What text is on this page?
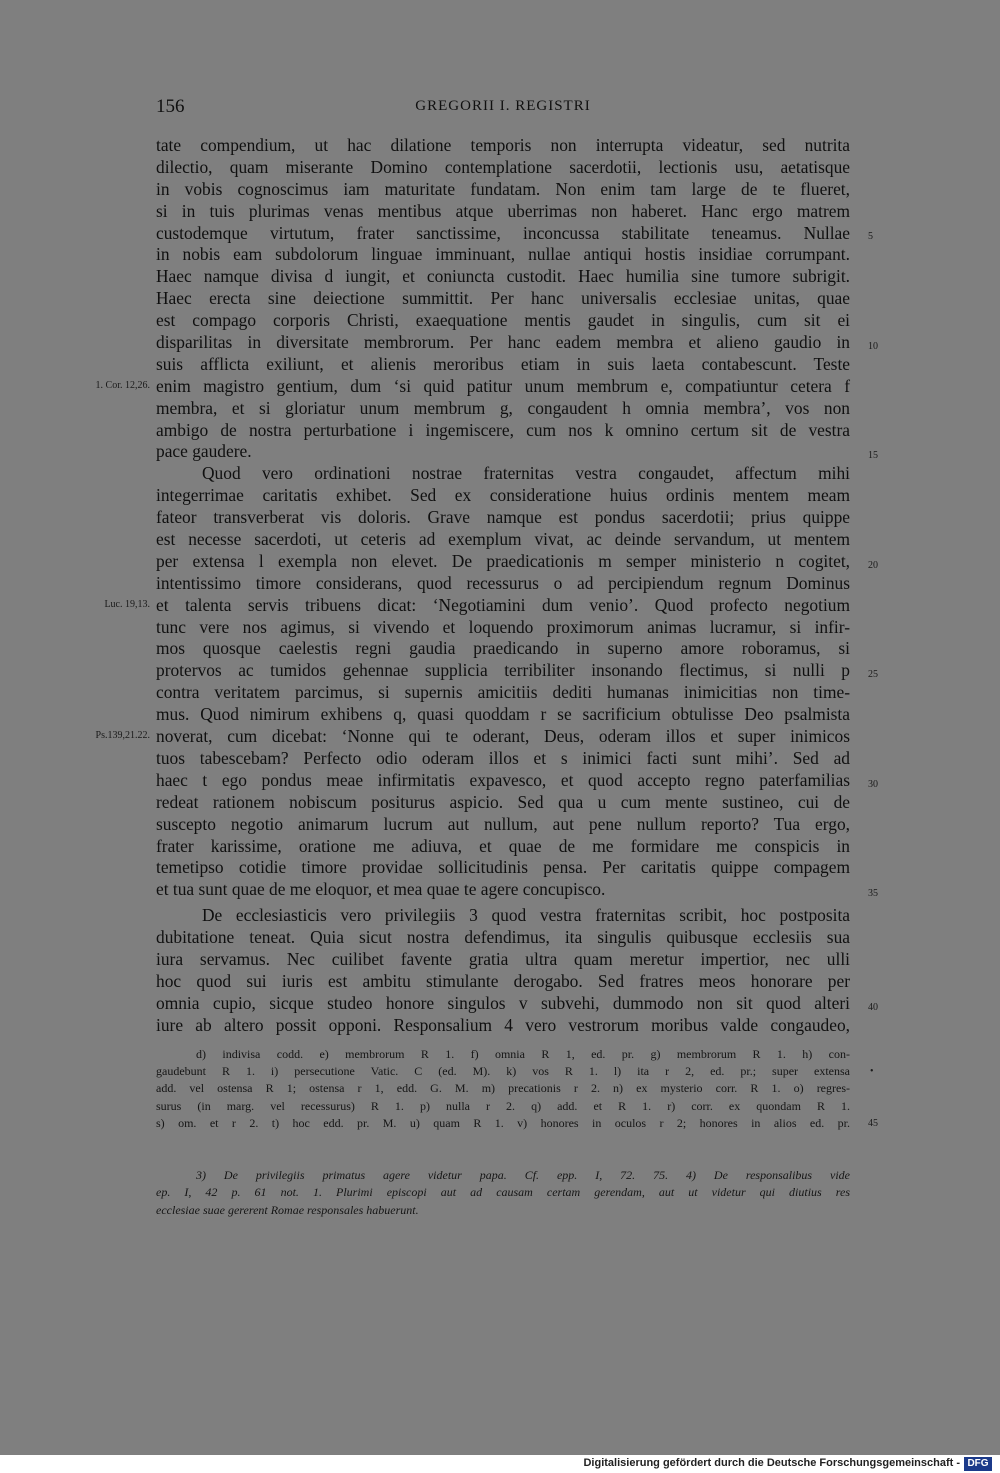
156	GREGORII I. REGISTRI
tate compendium, ut hac dilatione temporis non interrupta videatur, sed nutrita
dilectio, quam miserante Domino contemplatione sacerdotii, lectionis usu, aetatisque
in vobis cognoscimus iam maturitate fundatam. Non enim tam large de te flueret,
si in tuis plurimas venas mentibus atque uberrimas non haberet. Hanc ergo matrem
custodemque virtutum, frater sanctissime, inconcussa stabilitate teneamus. Nullae
in nobis eam subdolorum linguae imminuant, nullae antiqui hostis insidiae corrumpant.
Haec namque divisa d iungit, et coniuncta custodit. Haec humilia sine tumore subrigit.
Haec erecta sine deiectione summittit. Per hanc universalis ecclesiae unitas, quae
est compago corporis Christi, exaequatione mentis gaudet in singulis, cum sit ei
disparilitas in diversitate membrorum. Per hanc eadem membra et alieno gaudio in
suis afflicta exiliunt, et alienis meroribus etiam in suis laeta contabescunt. Teste
enim magistro gentium, dum ‘si quid patitur unum membrum e, compatiuntur cetera f
membra, et si gloriatur unum membrum g, congaudent h omnia membra’, vos non
ambigo de nostra perturbatione i ingemiscere, cum nos k omnino certum sit de vestra
pace gaudere.
Quod vero ordinationi nostrae fraternitas vestra congaudet, affectum mihi
integerrimae caritatis exhibet. Sed ex consideratione huius ordinis mentem meam
fateor transverberat vis doloris. Grave namque est pondus sacerdotii; prius quippe
est necesse sacerdoti, ut ceteris ad exemplum vivat, ac deinde servandum, ut mentem
per extensa l exempla non elevet. De praedicationis m semper ministerio n cogitet,
intentissimo timore considerans, quod recessurus o ad percipiendum regnum Dominus
et talenta servis tribuens dicat: ‘Negotiamini dum venio’. Quod profecto negotium
tunc vere nos agimus, si vivendo et loquendo proximorum animas lucramur, si infir-
mos quosque caelestis regni gaudia praedicando in superno amore roboramus, si
protervos ac tumidos gehennae supplicia terribiliter insonando flectimus, si nulli p
contra veritatem parcimus, si supernis amicitiis dediti humanas inimicitias non time-
mus. Quod nimirum exhibens q, quasi quoddam r se sacrificium obtulisse Deo psalmista
noverat, cum dicebat: ‘Nonne qui te oderant, Deus, oderam illos et super inimicos
tuos tabescebam? Perfecto odio oderam illos et s inimici facti sunt mihi’. Sed ad
haec t ego pondus meae infirmitatis expavesco, et quod accepto regno paterfamilias
redeat rationem nobiscum positurus aspicio. Sed qua u cum mente sustineo, cui de
suscepto negotio animarum lucrum aut nullum, aut pene nullum reporto? Tua ergo,
frater karissime, oratione me adiuva, et quae de me formidare me conspicis in
temetipso cotidie timore providae sollicitudinis pensa. Per caritatis quippe compagem
et tua sunt quae de me eloquor, et mea quae te agere concupisco.
De ecclesiasticis vero privilegiis 3 quod vestra fraternitas scribit, hoc postposita
dubitatione teneat. Quia sicut nostra defendimus, ita singulis quibusque ecclesiis sua
iura servamus. Nec cuilibet favente gratia ultra quam meretur impertior, nec ulli
hoc quod sui iuris est ambitu stimulante derogabo. Sed fratres meos honorare per
omnia cupio, sicque studeo honore singulos v subvehi, dummodo non sit quod alteri
iure ab altero possit opponi. Responsalium 4 vero vestrorum moribus valde congaudeo,
1. Cor. 12,26.
Luc. 19,13.
Ps.139,21.22.
5
10
15
20
25
30
35
40
45
•
d) indivisa codd. e) membrorum R 1. f) omnia R 1, ed. pr. g) membrorum R 1. h) con-
gaudebunt R 1. i) persecutione Vatic. C (ed. M). k) vos R 1. l) ita r 2, ed. pr.; super extensa
add. vel ostensa R 1; ostensa r 1, edd. G. M. m) precationis r 2. n) ex mysterio corr. R 1. o) regres-
surus (in marg. vel recessurus) R 1. p) nulla r 2. q) add. et R 1. r) corr. ex quondam R 1.
s) om. et r 2. t) hoc edd. pr. M. u) quam R 1. v) honores in oculos r 2; honores in alios ed. pr.
3) De privilegiis primatus agere videtur papa. Cf. epp. I, 72. 75. 4) De responsalibus vide
ep. I, 42 p. 61 not. 1. Plurimi episcopi aut ad causam certam gerendam, aut ut videtur qui diutius res
ecclesiae suae gererent Romae responsales habuerunt.
Digitalisierung gefördert durch die Deutsche Forschungsgemeinschaft - DFG
